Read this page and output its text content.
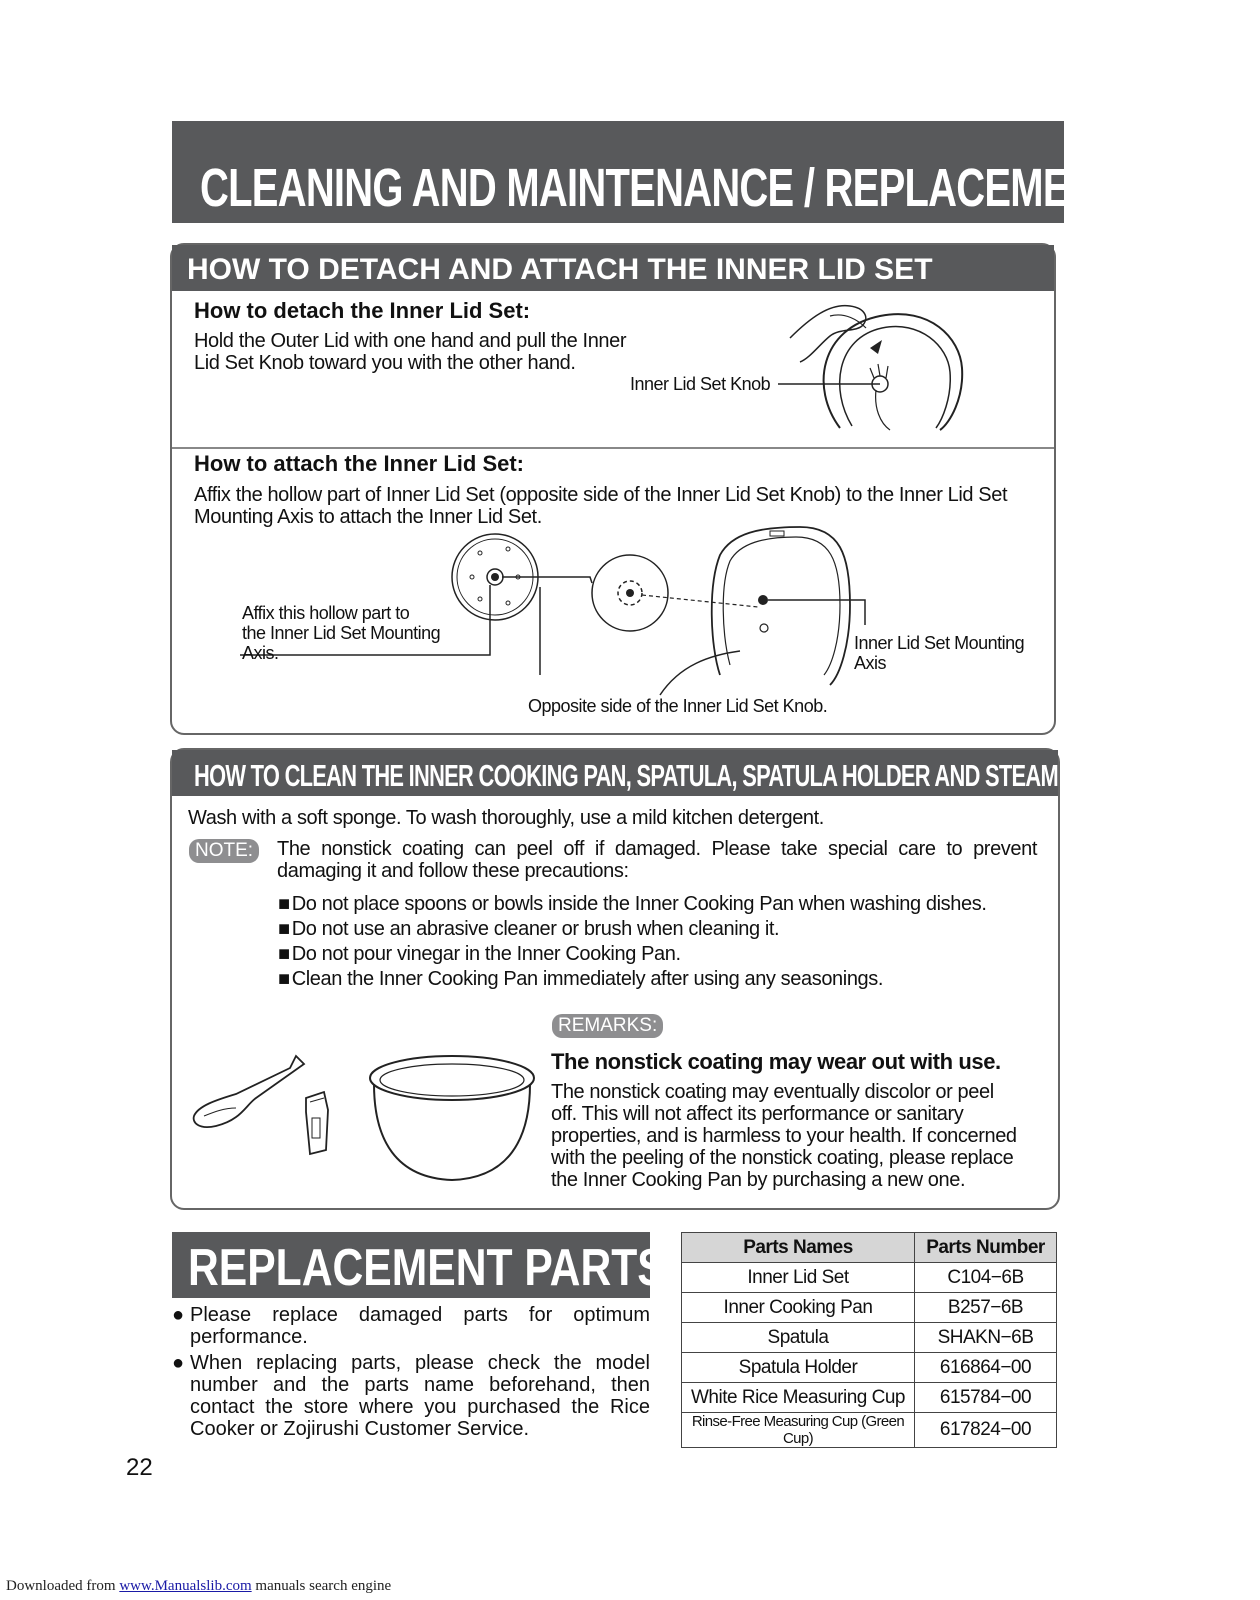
CLEANING AND MAINTENANCE / REPLACEMENT PARTS
HOW TO DETACH AND ATTACH THE INNER LID SET
How to detach the Inner Lid Set:
Hold the Outer Lid with one hand and pull the Inner
Lid Set Knob toward you with the other hand.
Inner Lid Set Knob
How to attach the Inner Lid Set:
Affix the hollow part of Inner Lid Set (opposite side of the Inner Lid Set Knob) to the Inner Lid Set
Mounting Axis to attach the Inner Lid Set.
Affix this hollow part to
the Inner Lid Set Mounting
Axis.	Inner Lid Set Mounting
Axis
Opposite side of the Inner Lid Set Knob.
HOW TO CLEAN THE INNER COOKING PAN, SPATULA, SPATULA HOLDER AND STEAM VENT CAP
Wash with a soft sponge. To wash thoroughly, use a mild kitchen detergent.
NOTE:	The nonstick coating can peel off if damaged. Please take special care to prevent damaging it and follow these precautions:
■ Do not place spoons or bowls inside the Inner Cooking Pan when washing dishes.
■ Do not use an abrasive cleaner or brush when cleaning it.
■ Do not pour vinegar in the Inner Cooking Pan.
■ Clean the Inner Cooking Pan immediately after using any seasonings.
REMARKS:
The nonstick coating may wear out with use.
The nonstick coating may eventually discolor or peel
off. This will not affect its performance or sanitary
properties, and is harmless to your health. If concerned
with the peeling of the nonstick coating, please replace
the Inner Cooking Pan by purchasing a new one.
REPLACEMENT PARTS
● Please replace damaged parts for optimum performance.
● When replacing parts, please check the model number and the parts name beforehand, then contact the store where you purchased the Rice Cooker or Zojirushi Customer Service.
Parts Names	Parts Number
Inner Lid Set	C104−6B
Inner Cooking Pan	B257−6B
Spatula	SHAKN−6B
Spatula Holder	616864−00
White Rice Measuring Cup	615784−00
Rinse-Free Measuring Cup (Green Cup)	617824−00
22
Downloaded from www.Manualslib.com manuals search engine
